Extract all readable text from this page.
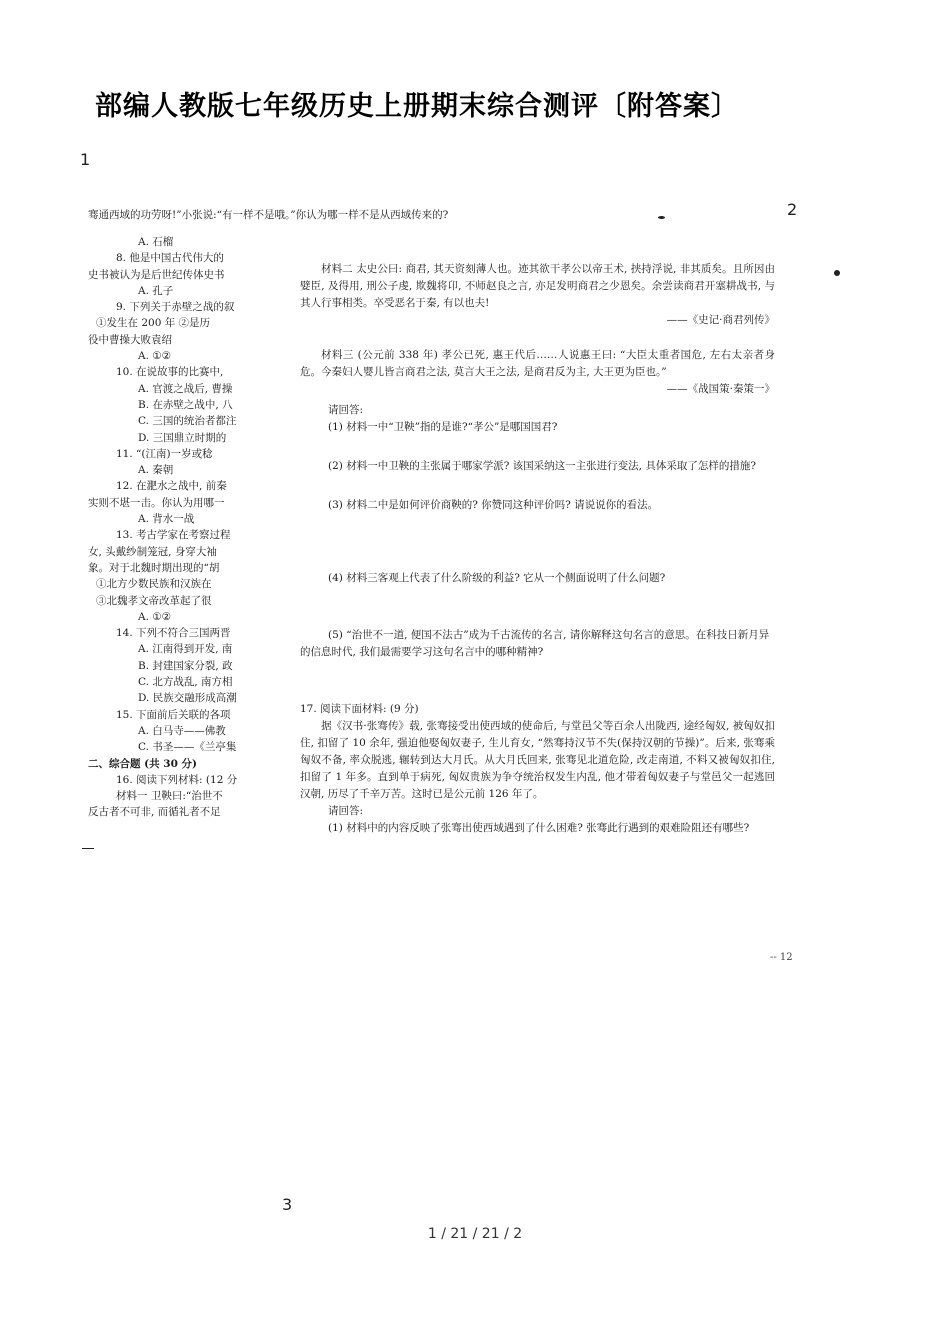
部编人教版七年级历史上册期末综合测评〔附答案〕
1
2
3
骞通西域的功劳呀!”小张说:“有一样不是哦。”你认为哪一样不是从西域传来的?
A. 石榴
8. 他是中国古代伟大的
史书被认为是后世纪传体史书
A. 孔子
9. 下列关于赤壁之战的叙
①发生在 200 年 ②是历
役中曹操大败袁绍
A. ①②
10. 在说故事的比赛中,
A. 官渡之战后, 曹操
B. 在赤壁之战中, 八
C. 三国的统治者都注
D. 三国鼎立时期的
11. “(江南)一岁或稔
A. 秦朝
12. 在淝水之战中, 前秦
实则不堪一击。你认为用哪一
A. 背水一战
13. 考古学家在考察过程
女, 头戴纱制笼冠, 身穿大袖
象。对于北魏时期出现的“胡
①北方少数民族和汉族在
③北魏孝文帝改革起了很
A. ①②
14. 下列不符合三国两晋
A. 江南得到开发, 南
B. 封建国家分裂, 政
C. 北方战乱, 南方相
D. 民族交融形成高潮
15. 下面前后关联的各项
A. 白马寺——佛教
C. 书圣——《兰亭集
二、综合题 (共 30 分)
16. 阅读下列材料: (12 分
材料一 卫鞅曰:“治世不
反古者不可非, 而循礼者不足

材料二 太史公曰: 商君, 其天资刻薄人也。迹其欲干孝公以帝王术, 挟持浮说, 非其质矣。且所因由嬖臣, 及得用, 刑公子虔, 欺魏将卬, 不师赵良之言, 亦足发明商君之少恩矣。余尝读商君开塞耕战书, 与其人行事相类。卒受恶名于秦, 有以也夫!

——《史记·商君列传》

材料三 (公元前 338 年) 孝公已死, 惠王代后……人说惠王曰: “大臣太重者国危, 左右太亲者身危。今秦妇人婴儿皆言商君之法, 莫言大王之法, 是商君反为主, 大王更为臣也。”

——《战国策·秦策一》

请回答:

(1) 材料一中“卫鞅”指的是谁?“孝公”是哪国国君?

(2) 材料一中卫鞅的主张属于哪家学派? 该国采纳这一主张进行变法, 具体采取了怎样的措施?

(3) 材料二中是如何评价商鞅的? 你赞同这种评价吗? 请说说你的看法。

(4) 材料三客观上代表了什么阶级的利益? 它从一个侧面说明了什么问题?

(5) “治世不一道, 便国不法古”成为千古流传的名言, 请你解释这句名言的意思。在科技日新月异的信息时代, 我们最需要学习这句名言中的哪种精神?

17. 阅读下面材料: (9 分)

据《汉书·张骞传》载, 张骞接受出使西域的使命后, 与堂邑父等百余人出陇西, 途经匈奴, 被匈奴扣住, 扣留了 10 余年, 强迫他娶匈奴妻子, 生儿育女, “然骞持汉节不失(保持汉朝的节操)”。后来, 张骞乘匈奴不备, 率众脱逃, 辗转到达大月氏。从大月氏回来, 张骞见北道危险, 改走南道, 不料又被匈奴扣住, 扣留了 1 年多。直到单于病死, 匈奴贵族为争夺统治权发生内乱, 他才带着匈奴妻子与堂邑父一起逃回汉朝, 历尽了千辛万苦。这时已是公元前 126 年了。

请回答:

(1) 材料中的内容反映了张骞出使西域遇到了什么困难? 张骞此行遇到的艰难险阻还有哪些?

-- 12
1 / 21 / 21 / 2
